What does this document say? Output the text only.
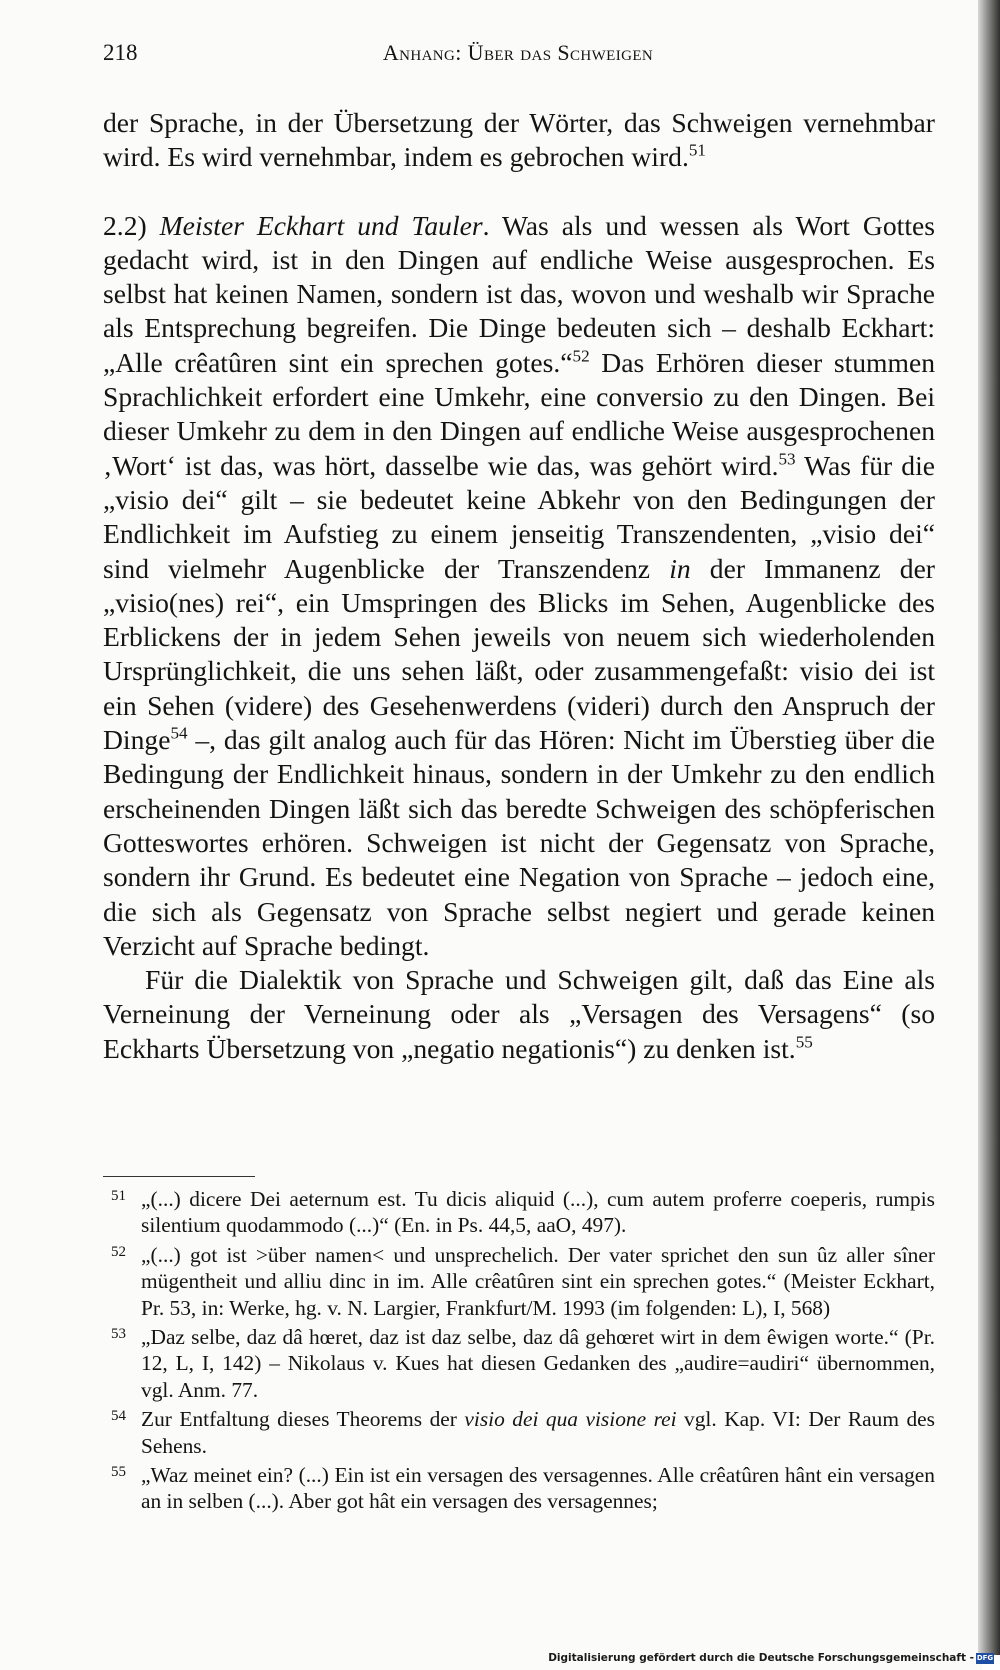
218	Anhang: Über das Schweigen

der Sprache, in der Übersetzung der Wörter, das Schweigen vernehmbar wird. Es wird vernehmbar, indem es gebrochen wird.$^{51}$

2.2) Meister Eckhart und Tauler. Was als und wessen als Wort Gottes gedacht wird, ist in den Dingen auf endliche Weise ausgesprochen. Es selbst hat keinen Namen, sondern ist das, wovon und weshalb wir Sprache als Entsprechung begreifen. Die Dinge bedeuten sich – deshalb Eckhart: „Alle crêatûren sint ein sprechen gotes.“$^{52}$ Das Erhören dieser stummen Sprachlichkeit erfordert eine Umkehr, eine conversio zu den Dingen. Bei dieser Umkehr zu dem in den Dingen auf endliche Weise ausgesprochenen ‚Wort‘ ist das, was hört, dasselbe wie das, was gehört wird.$^{53}$ Was für die „visio dei“ gilt – sie bedeutet keine Abkehr von den Bedingungen der Endlichkeit im Aufstieg zu einem jenseitig Transzendenten, „visio dei“ sind vielmehr Augenblicke der Transzendenz in der Immanenz der „visio(nes) rei“, ein Umspringen des Blicks im Sehen, Augenblicke des Erblickens der in jedem Sehen jeweils von neuem sich wiederholenden Ursprünglichkeit, die uns sehen läßt, oder zusammengefaßt: visio dei ist ein Sehen (videre) des Gesehenwerdens (videri) durch den Anspruch der Dinge$^{54}$ –, das gilt analog auch für das Hören: Nicht im Überstieg über die Bedingung der Endlichkeit hinaus, sondern in der Umkehr zu den endlich erscheinenden Dingen läßt sich das beredte Schweigen des schöpferischen Gotteswortes erhören. Schweigen ist nicht der Gegensatz von Sprache, sondern ihr Grund. Es bedeutet eine Negation von Sprache – jedoch eine, die sich als Gegensatz von Sprache selbst negiert und gerade keinen Verzicht auf Sprache bedingt.

Für die Dialektik von Sprache und Schweigen gilt, daß das Eine als Verneinung der Verneinung oder als „Versagen des Versagens“ (so Eckharts Übersetzung von „negatio negationis“) zu denken ist.$^{55}$

51 „(...) dicere Dei aeternum est. Tu dicis aliquid (...), cum autem proferre coeperis, rumpis silentium quodammodo (...)“ (En. in Ps. 44,5, aaO, 497).
52 „(...) got ist >über namen< und unsprechelich. Der vater sprichet den sun ûz aller sîner mügentheit und alliu dinc in im. Alle crêatûren sint ein sprechen gotes.“ (Meister Eckhart, Pr. 53, in: Werke, hg. v. N. Largier, Frankfurt/M. 1993 (im folgenden: L), I, 568)
53 „Daz selbe, daz dâ hœret, daz ist daz selbe, daz dâ gehœret wirt in dem êwigen worte.“ (Pr. 12, L, I, 142) – Nikolaus v. Kues hat diesen Gedanken des „audire=audiri“ übernommen, vgl. Anm. 77.
54 Zur Entfaltung dieses Theorems der visio dei qua visione rei vgl. Kap. VI: Der Raum des Sehens.
55 „Waz meinet ein? (...) Ein ist ein versagen des versagennes. Alle crêatûren hânt ein versagen an in selben (...). Aber got hât ein versagen des versagennes;
Digitalisierung gefördert durch die Deutsche Forschungsgemeinschaft - DFG
